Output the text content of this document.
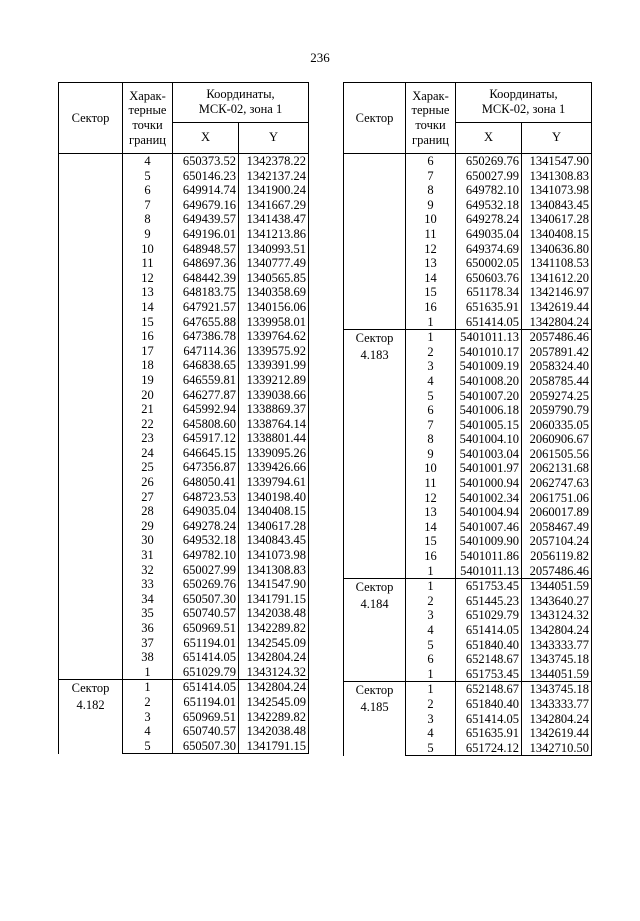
236
Сектор	Харак-
терные
точки
границ	Координаты,
МСК-02, зона 1	
		X	Y

	4	650373.52	1342378.22
	5	650146.23	1342137.24
	6	649914.74	1341900.24
	7	649679.16	1341667.29
	8	649439.57	1341438.47
	9	649196.01	1341213.86
	10	648948.57	1340993.51
	11	648697.36	1340777.49
	12	648442.39	1340565.85
	13	648183.75	1340358.69
	14	647921.57	1340156.06
	15	647655.88	1339958.01
	16	647386.78	1339764.62
	17	647114.36	1339575.92
	18	646838.65	1339391.99
	19	646559.81	1339212.89
	20	646277.87	1339038.66
	21	645992.94	1338869.37
	22	645808.60	1338764.14
	23	645917.12	1338801.44
	24	646645.15	1339095.26
	25	647356.87	1339426.66
	26	648050.41	1339794.61
	27	648723.53	1340198.40
	28	649035.04	1340408.15
	29	649278.24	1340617.28
	30	649532.18	1340843.45
	31	649782.10	1341073.98
	32	650027.99	1341308.83
	33	650269.76	1341547.90
	34	650507.30	1341791.15
	35	650740.57	1342038.48
	36	650969.51	1342289.82
	37	651194.01	1342545.09
	38	651414.05	1342804.24
	1	651029.79	1343124.32
Сектор
4.182	1	651414.05	1342804.24
	2	651194.01	1342545.09
	3	650969.51	1342289.82
	4	650740.57	1342038.48
	5	650507.30	1341791.15
Сектор	Харак-
терные
точки
границ	Координаты,
МСК-02, зона 1	
		X	Y

	6	650269.76	1341547.90
	7	650027.99	1341308.83
	8	649782.10	1341073.98
	9	649532.18	1340843.45
	10	649278.24	1340617.28
	11	649035.04	1340408.15
	12	649374.69	1340636.80
	13	650002.05	1341108.53
	14	650603.76	1341612.20
	15	651178.34	1342146.97
	16	651635.91	1342619.44
	1	651414.05	1342804.24
Сектор
4.183	1	5401011.13	2057486.46
	2	5401010.17	2057891.42
	3	5401009.19	2058324.40
	4	5401008.20	2058785.44
	5	5401007.20	2059274.25
	6	5401006.18	2059790.79
	7	5401005.15	2060335.05
	8	5401004.10	2060906.67
	9	5401003.04	2061505.56
	10	5401001.97	2062131.68
	11	5401000.94	2062747.63
	12	5401002.34	2061751.06
	13	5401004.94	2060017.89
	14	5401007.46	2058467.49
	15	5401009.90	2057104.24
	16	5401011.86	2056119.82
	1	5401011.13	2057486.46
Сектор
4.184	1	651753.45	1344051.59
	2	651445.23	1343640.27
	3	651029.79	1343124.32
	4	651414.05	1342804.24
	5	651840.40	1343333.77
	6	652148.67	1343745.18
	1	651753.45	1344051.59
Сектор
4.185	1	652148.67	1343745.18
	2	651840.40	1343333.77
	3	651414.05	1342804.24
	4	651635.91	1342619.44
	5	651724.12	1342710.50
